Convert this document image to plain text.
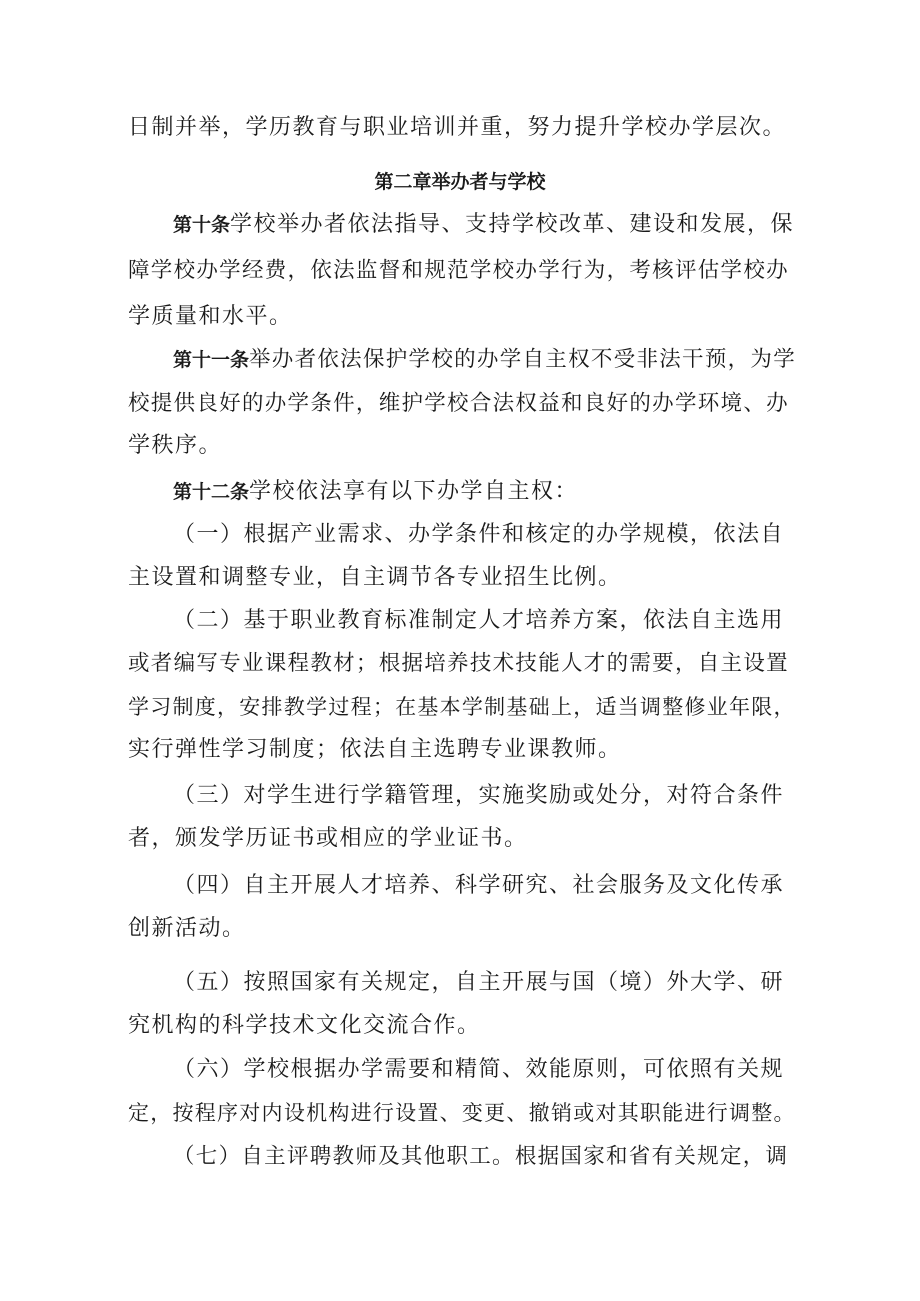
日制并举，学历教育与职业培训并重，努力提升学校办学层次。
第二章举办者与学校
第十条学校举办者依法指导、支持学校改革、建设和发展，保
障学校办学经费，依法监督和规范学校办学行为，考核评估学校办
学质量和水平。
第十一条举办者依法保护学校的办学自主权不受非法干预，为学
校提供良好的办学条件，维护学校合法权益和良好的办学环境、办
学秩序。
第十二条学校依法享有以下办学自主权：
（一）根据产业需求、办学条件和核定的办学规模，依法自
主设置和调整专业，自主调节各专业招生比例。
（二）基于职业教育标准制定人才培养方案，依法自主选用
或者编写专业课程教材；根据培养技术技能人才的需要，自主设置
学习制度，安排教学过程；在基本学制基础上，适当调整修业年限，
实行弹性学习制度；依法自主选聘专业课教师。
（三）对学生进行学籍管理，实施奖励或处分，对符合条件
者，颁发学历证书或相应的学业证书。
（四）自主开展人才培养、科学研究、社会服务及文化传承
创新活动。
（五）按照国家有关规定，自主开展与国（境）外大学、研
究机构的科学技术文化交流合作。
（六）学校根据办学需要和精简、效能原则，可依照有关规
定，按程序对内设机构进行设置、变更、撤销或对其职能进行调整。
（七）自主评聘教师及其他职工。根据国家和省有关规定，调
